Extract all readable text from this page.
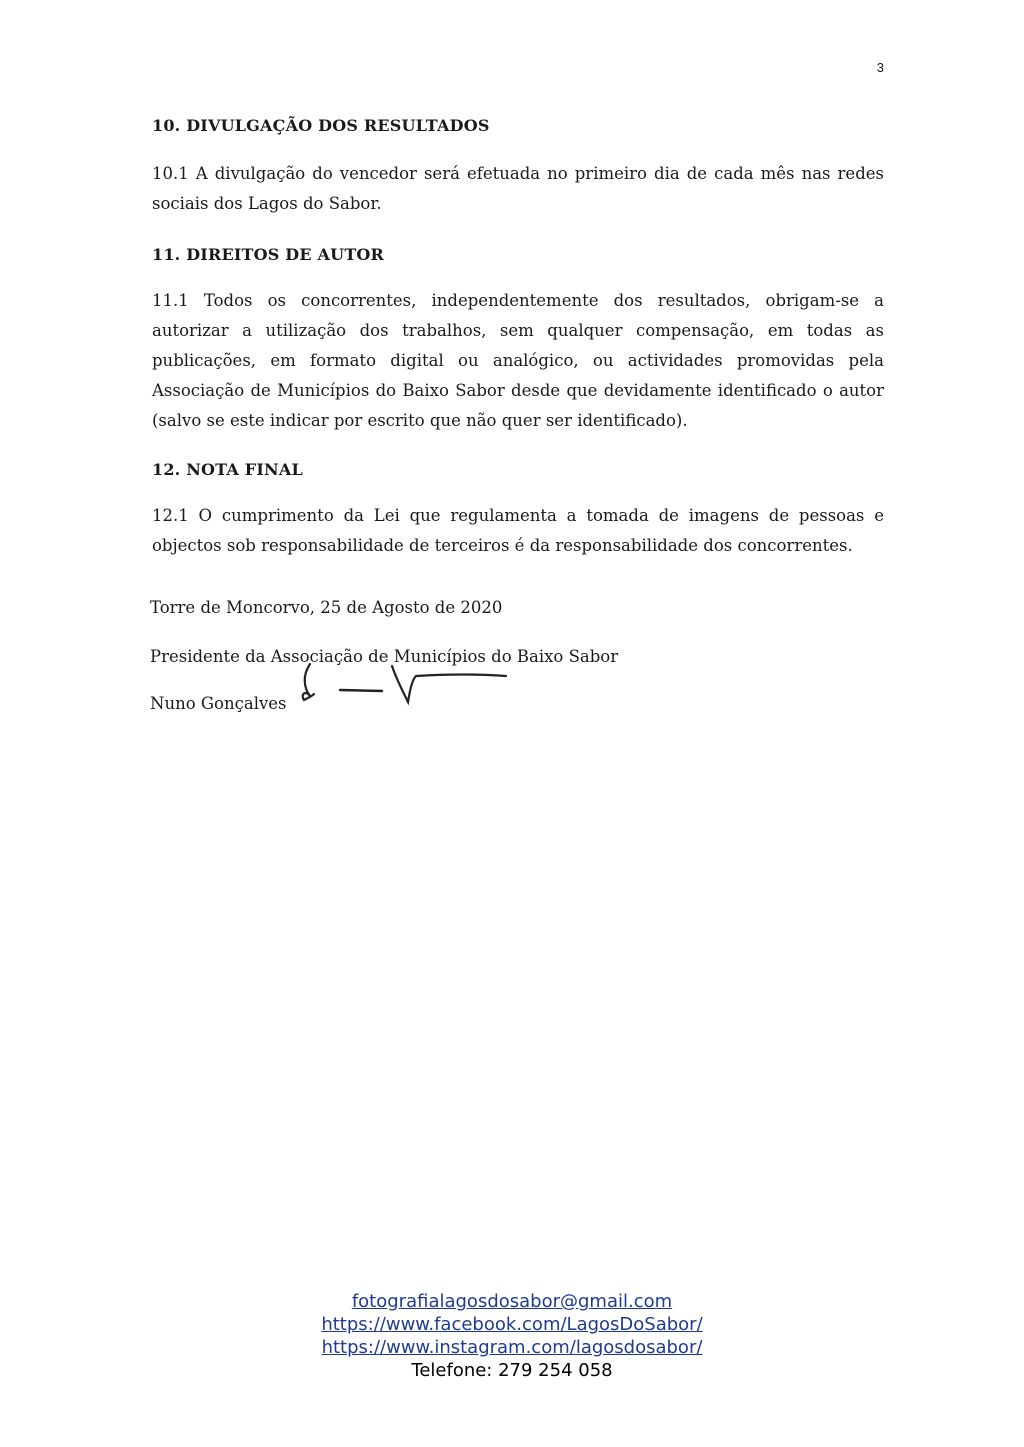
3

10. DIVULGAÇÃO DOS RESULTADOS

10.1 A divulgação do vencedor será efetuada no primeiro dia de cada mês nas redes sociais dos Lagos do Sabor.

11. DIREITOS DE AUTOR

11.1 Todos os concorrentes, independentemente dos resultados, obrigam-se a autorizar a utilização dos trabalhos, sem qualquer compensação, em todas as publicações, em formato digital ou analógico, ou actividades promovidas pela Associação de Municípios do Baixo Sabor desde que devidamente identificado o autor (salvo se este indicar por escrito que não quer ser identificado).

12. NOTA FINAL

12.1 O cumprimento da Lei que regulamenta a tomada de imagens de pessoas e objectos sob responsabilidade de terceiros é da responsabilidade dos concorrentes.

Torre de Moncorvo, 25 de Agosto de 2020
Presidente da Associação de Municípios do Baixo Sabor
Nuno Gonçalves
fotografialagosdosabor@gmail.com
https://www.facebook.com/LagosDoSabor/
https://www.instagram.com/lagosdosabor/
Telefone: 279 254 058
